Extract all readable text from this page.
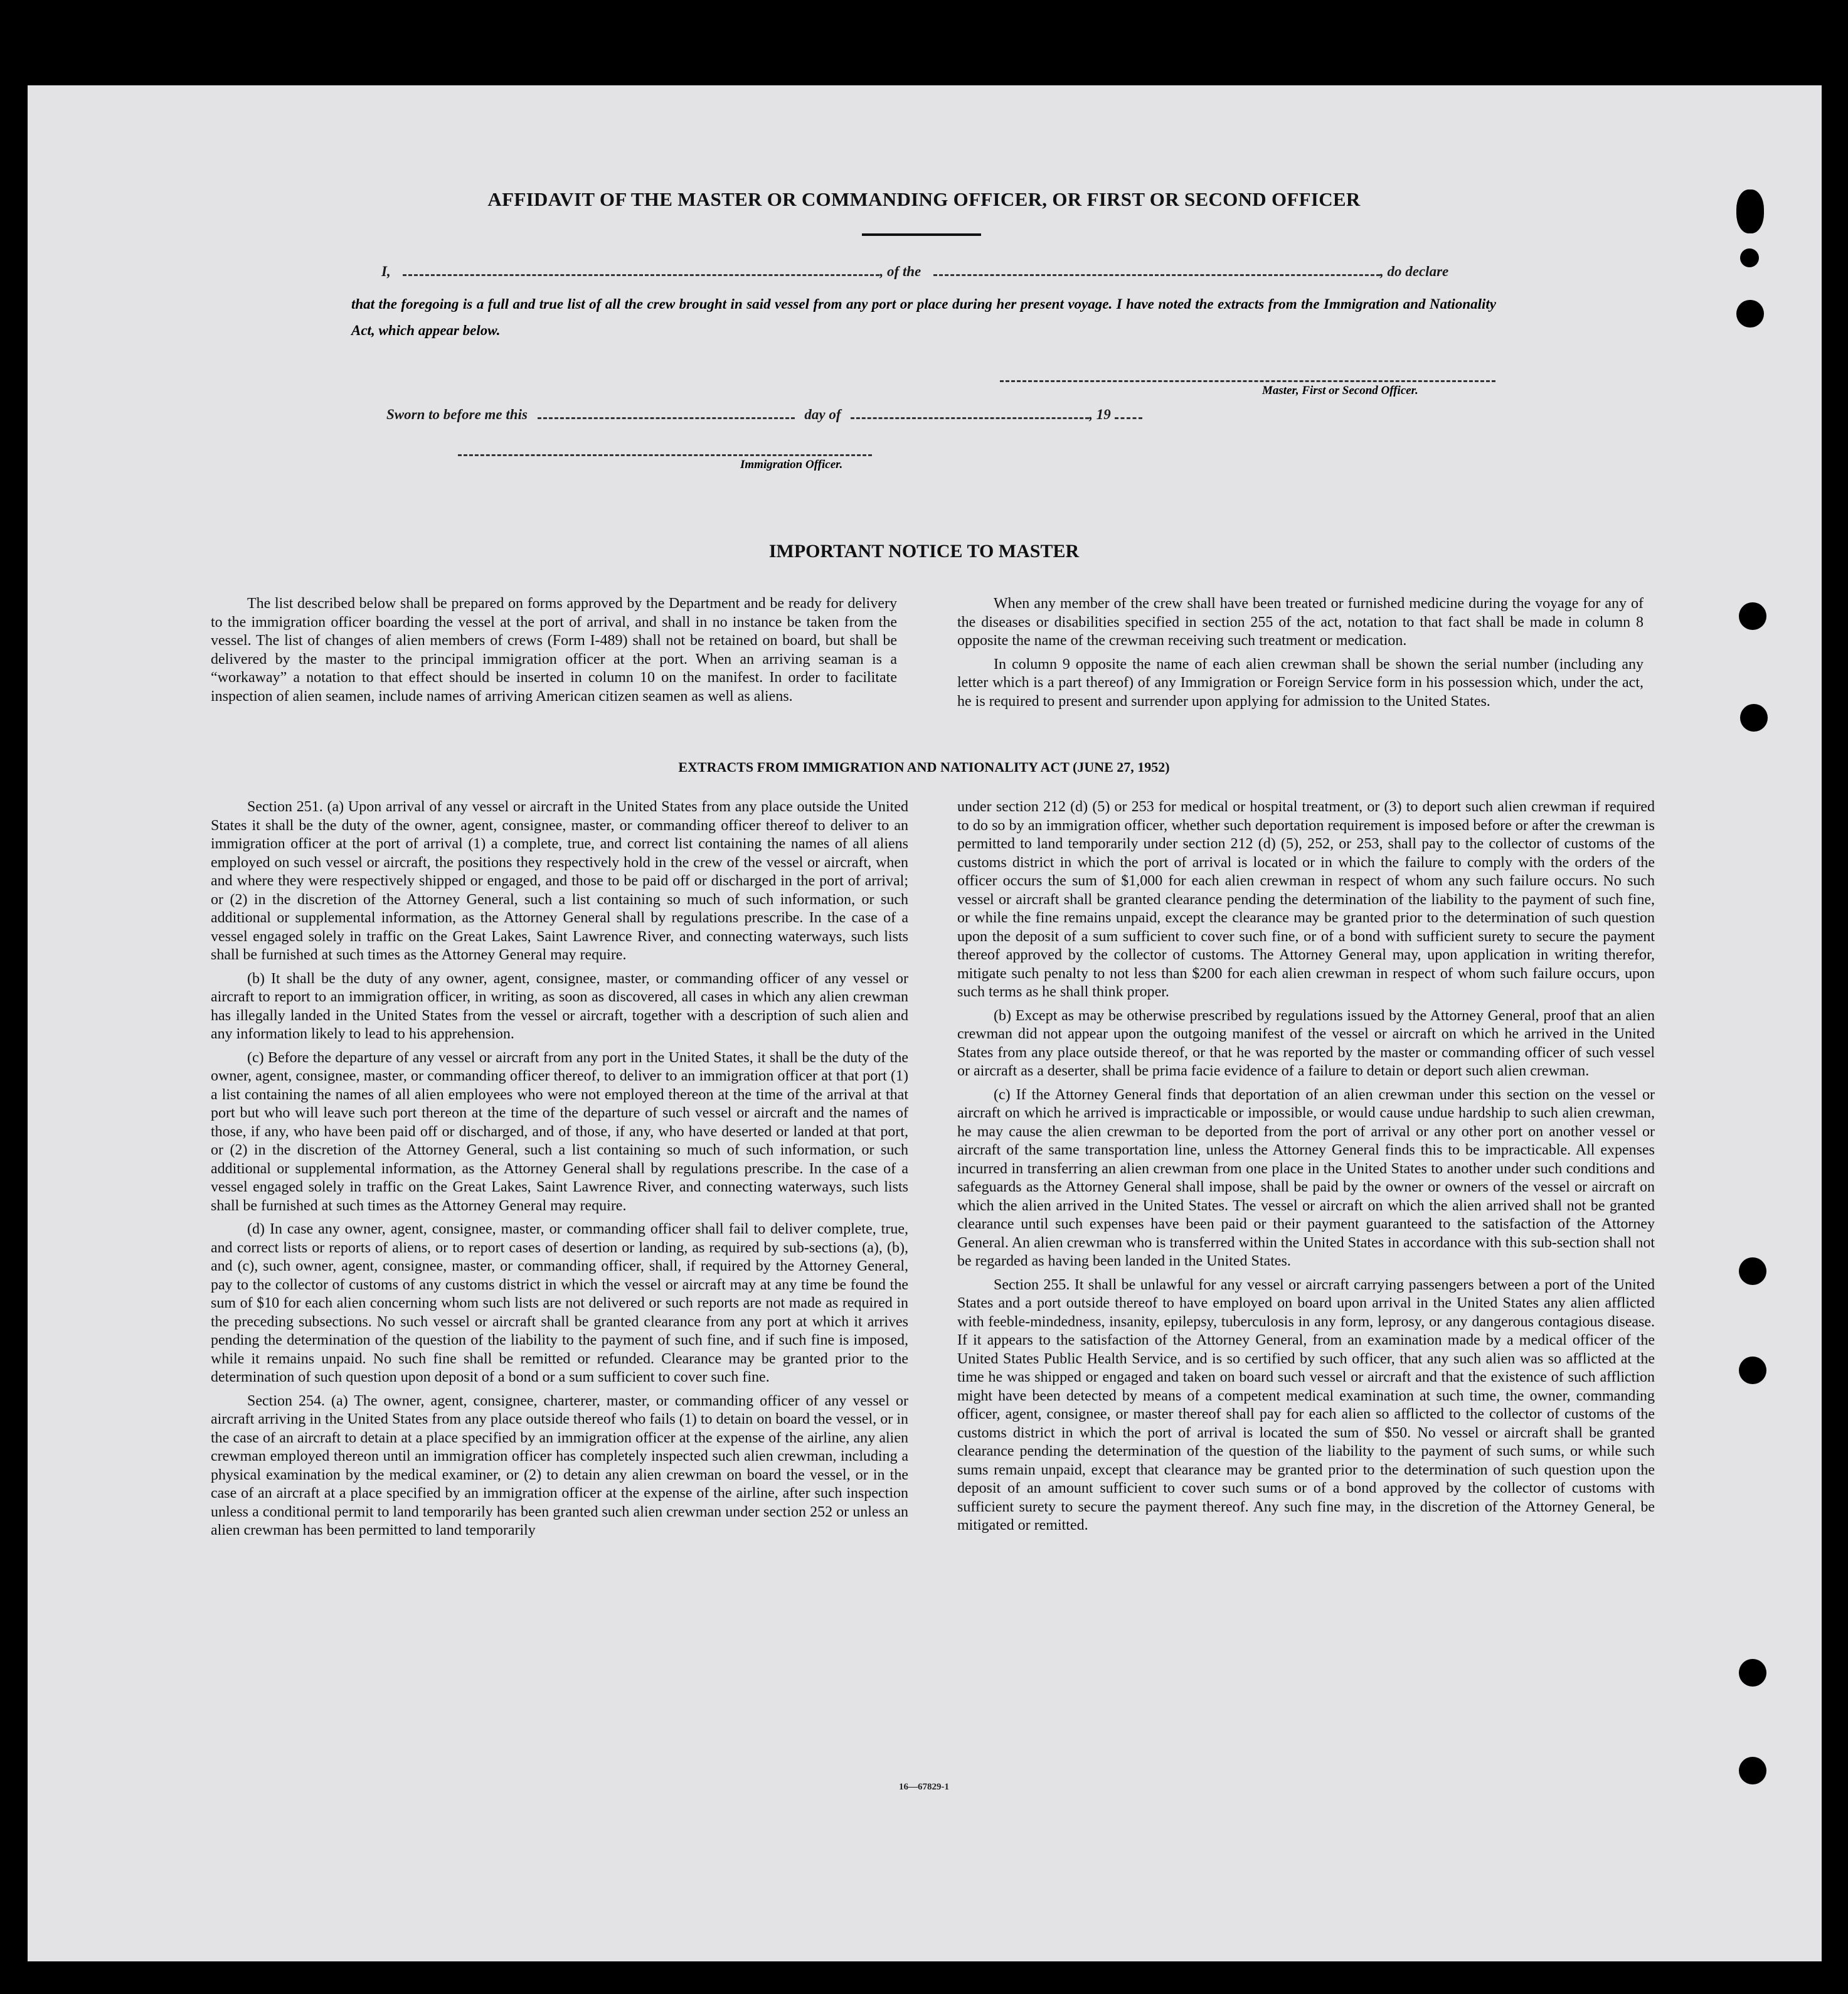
AFFIDAVIT OF THE MASTER OR COMMANDING OFFICER, OR FIRST OR SECOND OFFICER
I,	, of the	, do declare
that the foregoing is a full and true list of all the crew brought in said vessel from any port or place during her present voyage. I have noted the extracts from the Immigration and Nationality Act, which appear below.
Master, First or Second Officer.
Sworn to before me this	day of	, 19
Immigration Officer.
IMPORTANT NOTICE TO MASTER

The list described below shall be prepared on forms approved by the Department and be ready for delivery to the immigration officer boarding the vessel at the port of arrival, and shall in no instance be taken from the vessel. The list of changes of alien members of crews (Form I-489) shall not be retained on board, but shall be delivered by the master to the principal immigration officer at the port. When an arriving seaman is a “workaway” a notation to that effect should be inserted in column 10 on the manifest. In order to facilitate inspection of alien seamen, include names of arriving American citizen seamen as well as aliens.

When any member of the crew shall have been treated or furnished medicine during the voyage for any of the diseases or disabilities specified in section 255 of the act, notation to that fact shall be made in column 8 opposite the name of the crewman receiving such treatment or medication.

In column 9 opposite the name of each alien crewman shall be shown the serial number (including any letter which is a part thereof) of any Immigration or Foreign Service form in his possession which, under the act, he is required to present and surrender upon applying for admission to the United States.

EXTRACTS FROM IMMIGRATION AND NATIONALITY ACT (JUNE 27, 1952)

Section 251. (a) Upon arrival of any vessel or aircraft in the United States from any place outside the United States it shall be the duty of the owner, agent, consignee, master, or commanding officer thereof to deliver to an immigration officer at the port of arrival (1) a complete, true, and correct list containing the names of all aliens employed on such vessel or aircraft, the positions they respectively hold in the crew of the vessel or aircraft, when and where they were respectively shipped or engaged, and those to be paid off or discharged in the port of arrival; or (2) in the discretion of the Attorney General, such a list containing so much of such information, or such additional or supplemental information, as the Attorney General shall by regulations prescribe. In the case of a vessel engaged solely in traffic on the Great Lakes, Saint Lawrence River, and connecting waterways, such lists shall be furnished at such times as the Attorney General may require.

(b) It shall be the duty of any owner, agent, consignee, master, or commanding officer of any vessel or aircraft to report to an immigration officer, in writing, as soon as discovered, all cases in which any alien crewman has illegally landed in the United States from the vessel or aircraft, together with a description of such alien and any information likely to lead to his apprehension.

(c) Before the departure of any vessel or aircraft from any port in the United States, it shall be the duty of the owner, agent, consignee, master, or commanding officer thereof, to deliver to an immigration officer at that port (1) a list containing the names of all alien employees who were not employed thereon at the time of the arrival at that port but who will leave such port thereon at the time of the departure of such vessel or aircraft and the names of those, if any, who have been paid off or discharged, and of those, if any, who have deserted or landed at that port, or (2) in the discretion of the Attorney General, such a list containing so much of such information, or such additional or supplemental information, as the Attorney General shall by regulations prescribe. In the case of a vessel engaged solely in traffic on the Great Lakes, Saint Lawrence River, and connecting waterways, such lists shall be furnished at such times as the Attorney General may require.

(d) In case any owner, agent, consignee, master, or commanding officer shall fail to deliver complete, true, and correct lists or reports of aliens, or to report cases of desertion or landing, as required by sub-sections (a), (b), and (c), such owner, agent, consignee, master, or commanding officer, shall, if required by the Attorney General, pay to the collector of customs of any customs district in which the vessel or aircraft may at any time be found the sum of $10 for each alien concerning whom such lists are not delivered or such reports are not made as required in the preceding subsections. No such vessel or aircraft shall be granted clearance from any port at which it arrives pending the determination of the question of the liability to the payment of such fine, and if such fine is imposed, while it remains unpaid. No such fine shall be remitted or refunded. Clearance may be granted prior to the determination of such question upon deposit of a bond or a sum sufficient to cover such fine.

Section 254. (a) The owner, agent, consignee, charterer, master, or commanding officer of any vessel or aircraft arriving in the United States from any place outside thereof who fails (1) to detain on board the vessel, or in the case of an aircraft to detain at a place specified by an immigration officer at the expense of the airline, any alien crewman employed thereon until an immigration officer has completely inspected such alien crewman, including a physical examination by the medical examiner, or (2) to detain any alien crewman on board the vessel, or in the case of an aircraft at a place specified by an immigration officer at the expense of the airline, after such inspection unless a conditional permit to land temporarily has been granted such alien crewman under section 252 or unless an alien crewman has been permitted to land temporarily

under section 212 (d) (5) or 253 for medical or hospital treatment, or (3) to deport such alien crewman if required to do so by an immigration officer, whether such deportation requirement is imposed before or after the crewman is permitted to land temporarily under section 212 (d) (5), 252, or 253, shall pay to the collector of customs of the customs district in which the port of arrival is located or in which the failure to comply with the orders of the officer occurs the sum of $1,000 for each alien crewman in respect of whom any such failure occurs. No such vessel or aircraft shall be granted clearance pending the determination of the liability to the payment of such fine, or while the fine remains unpaid, except the clearance may be granted prior to the determination of such question upon the deposit of a sum sufficient to cover such fine, or of a bond with sufficient surety to secure the payment thereof approved by the collector of customs. The Attorney General may, upon application in writing therefor, mitigate such penalty to not less than $200 for each alien crewman in respect of whom such failure occurs, upon such terms as he shall think proper.

(b) Except as may be otherwise prescribed by regulations issued by the Attorney General, proof that an alien crewman did not appear upon the outgoing manifest of the vessel or aircraft on which he arrived in the United States from any place outside thereof, or that he was reported by the master or commanding officer of such vessel or aircraft as a deserter, shall be prima facie evidence of a failure to detain or deport such alien crewman.

(c) If the Attorney General finds that deportation of an alien crewman under this section on the vessel or aircraft on which he arrived is impracticable or impossible, or would cause undue hardship to such alien crewman, he may cause the alien crewman to be deported from the port of arrival or any other port on another vessel or aircraft of the same transportation line, unless the Attorney General finds this to be impracticable. All expenses incurred in transferring an alien crewman from one place in the United States to another under such conditions and safeguards as the Attorney General shall impose, shall be paid by the owner or owners of the vessel or aircraft on which the alien arrived in the United States. The vessel or aircraft on which the alien arrived shall not be granted clearance until such expenses have been paid or their payment guaranteed to the satisfaction of the Attorney General. An alien crewman who is transferred within the United States in accordance with this sub-section shall not be regarded as having been landed in the United States.

Section 255. It shall be unlawful for any vessel or aircraft carrying passengers between a port of the United States and a port outside thereof to have employed on board upon arrival in the United States any alien afflicted with feeble-mindedness, insanity, epilepsy, tuberculosis in any form, leprosy, or any dangerous contagious disease. If it appears to the satisfaction of the Attorney General, from an examination made by a medical officer of the United States Public Health Service, and is so certified by such officer, that any such alien was so afflicted at the time he was shipped or engaged and taken on board such vessel or aircraft and that the existence of such affliction might have been detected by means of a competent medical examination at such time, the owner, commanding officer, agent, consignee, or master thereof shall pay for each alien so afflicted to the collector of customs of the customs district in which the port of arrival is located the sum of $50. No vessel or aircraft shall be granted clearance pending the determination of the question of the liability to the payment of such sums, or while such sums remain unpaid, except that clearance may be granted prior to the determination of such question upon the deposit of an amount sufficient to cover such sums or of a bond approved by the collector of customs with sufficient surety to secure the payment thereof. Any such fine may, in the discretion of the Attorney General, be mitigated or remitted.

16—67829-1
